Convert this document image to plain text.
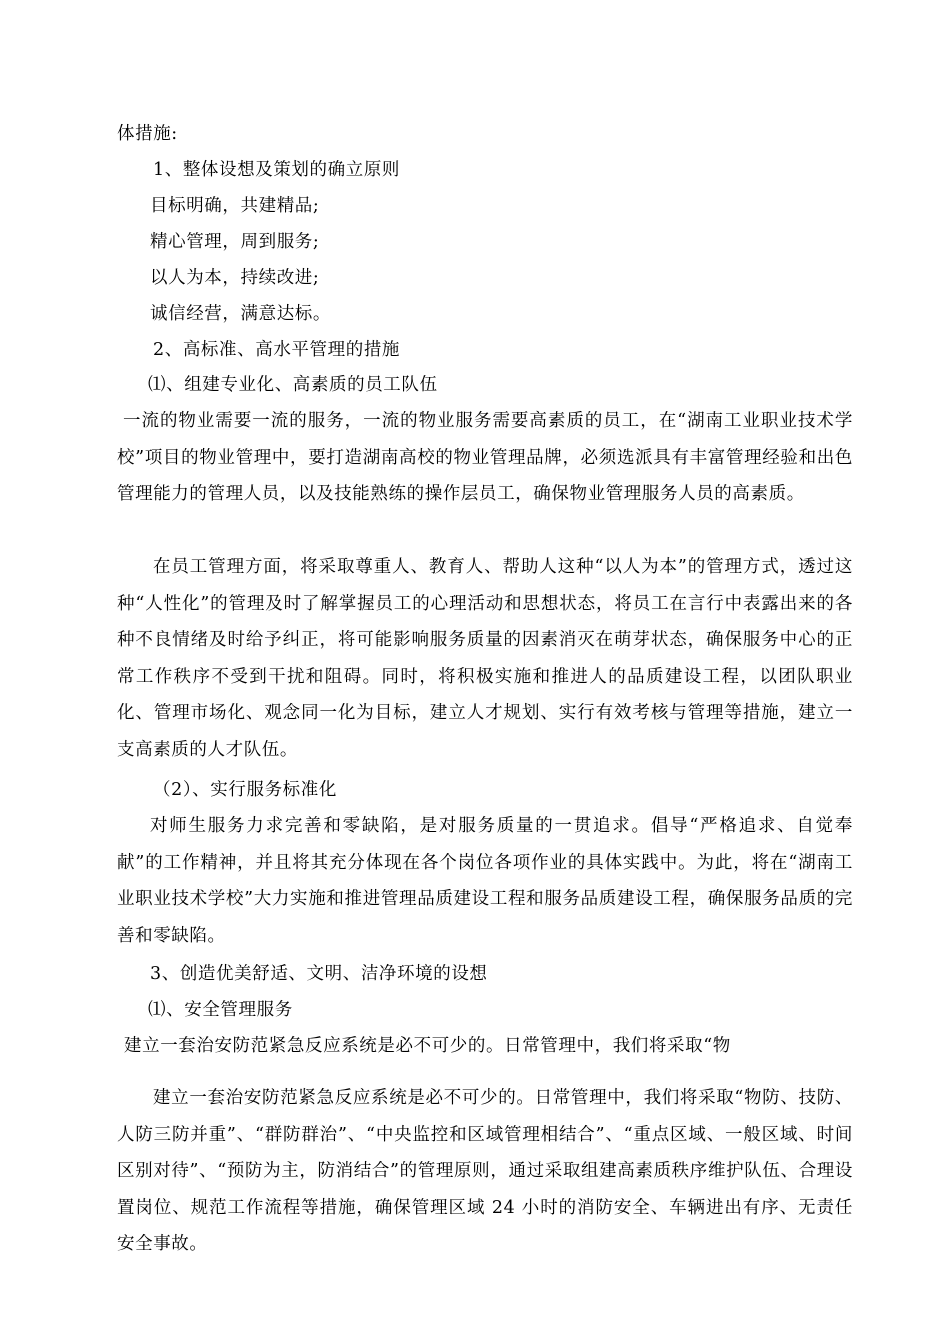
体措施:
1、整体设想及策划的确立原则
目标明确，共建精品;
精心管理，周到服务;
以人为本，持续改进;
诚信经营，满意达标。
2、高标准、高水平管理的措施
⑴、组建专业化、高素质的员工队伍
一流的物业需要一流的服务，一流的物业服务需要高素质的员工，在“湖南工业职业技术学校”项目的物业管理中，要打造湖南高校的物业管理品牌，必须选派具有丰富管理经验和出色管理能力的管理人员，以及技能熟练的操作层员工，确保物业管理服务人员的高素质。
在员工管理方面，将采取尊重人、教育人、帮助人这种“以人为本”的管理方式，透过这种“人性化”的管理及时了解掌握员工的心理活动和思想状态，将员工在言行中表露出来的各种不良情绪及时给予纠正，将可能影响服务质量的因素消灭在萌芽状态，确保服务中心的正常工作秩序不受到干扰和阻碍。同时，将积极实施和推进人的品质建设工程，以团队职业化、管理市场化、观念同一化为目标，建立人才规划、实行有效考核与管理等措施，建立一支高素质的人才队伍。
（2）、实行服务标准化
对师生服务力求完善和零缺陷，是对服务质量的一贯追求。倡导“严格追求、自觉奉献”的工作精神，并且将其充分体现在各个岗位各项作业的具体实践中。为此，将在“湖南工业职业技术学校”大力实施和推进管理品质建设工程和服务品质建设工程，确保服务品质的完善和零缺陷。
3、创造优美舒适、文明、洁净环境的设想
⑴、安全管理服务
建立一套治安防范紧急反应系统是必不可少的。日常管理中，我们将采取“物
建立一套治安防范紧急反应系统是必不可少的。日常管理中，我们将采取“物防、技防、人防三防并重”、“群防群治”、“中央监控和区域管理相结合”、“重点区域、一般区域、时间区别对待”、“预防为主，防消结合”的管理原则，通过采取组建高素质秩序维护队伍、合理设置岗位、规范工作流程等措施，确保管理区域 24 小时的消防安全、车辆进出有序、无责任安全事故。
